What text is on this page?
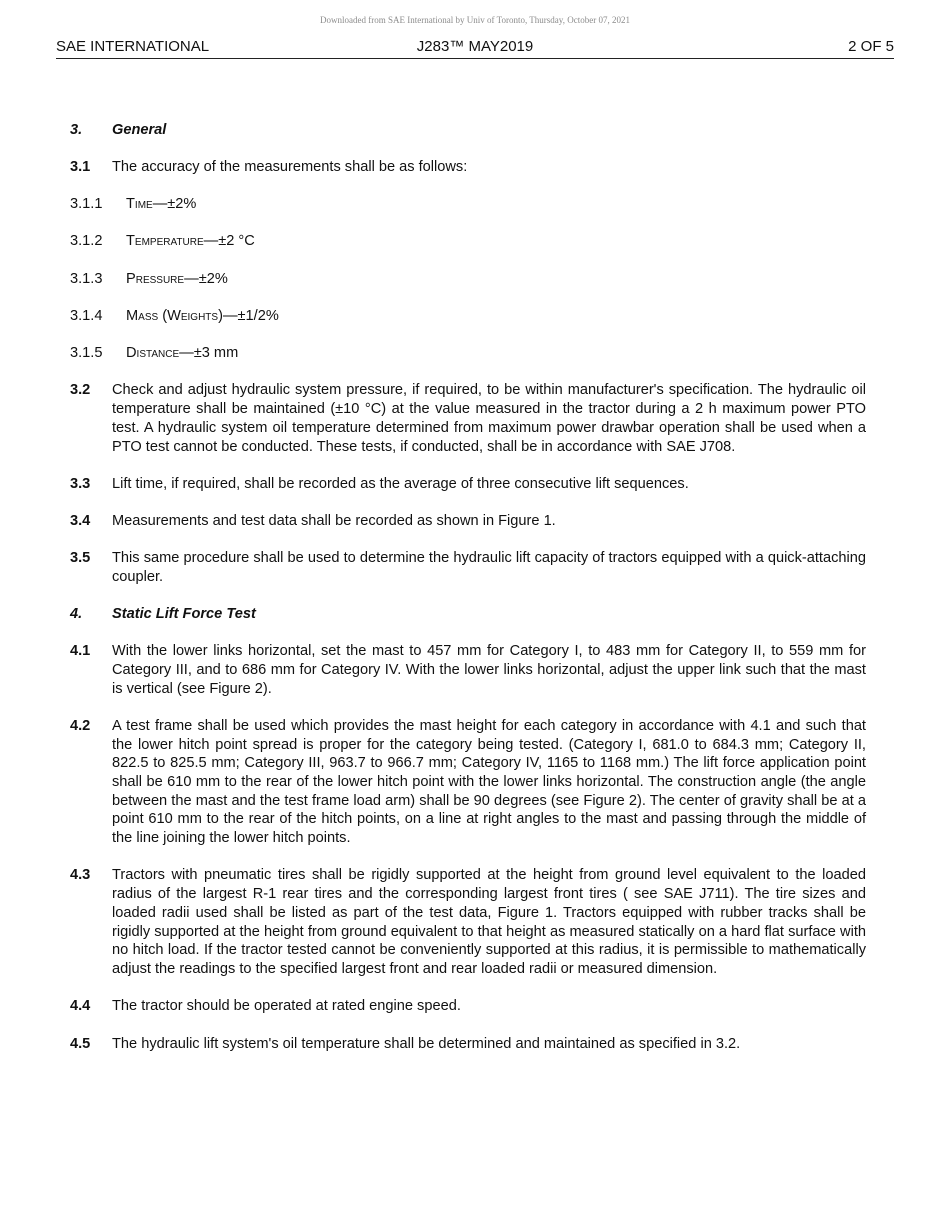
Downloaded from SAE International by Univ of Toronto, Thursday, October 07, 2021
SAE INTERNATIONAL	J283™ MAY2019	2 OF 5
3.	General
3.1	The accuracy of the measurements shall be as follows:
3.1.1	Time—±2%
3.1.2	Temperature—±2 °C
3.1.3	Pressure—±2%
3.1.4	Mass (Weights)—±1/2%
3.1.5	Distance—±3 mm
3.2	Check and adjust hydraulic system pressure, if required, to be within manufacturer's specification. The hydraulic oil temperature shall be maintained (±10 °C) at the value measured in the tractor during a 2 h maximum power PTO test. A hydraulic system oil temperature determined from maximum power drawbar operation shall be used when a PTO test cannot be conducted. These tests, if conducted, shall be in accordance with SAE J708.
3.3	Lift time, if required, shall be recorded as the average of three consecutive lift sequences.
3.4	Measurements and test data shall be recorded as shown in Figure 1.
3.5	This same procedure shall be used to determine the hydraulic lift capacity of tractors equipped with a quick-attaching coupler.
4.	Static Lift Force Test
4.1	With the lower links horizontal, set the mast to 457 mm for Category I, to 483 mm for Category II, to 559 mm for Category III, and to 686 mm for Category IV. With the lower links horizontal, adjust the upper link such that the mast is vertical (see Figure 2).
4.2	A test frame shall be used which provides the mast height for each category in accordance with 4.1 and such that the lower hitch point spread is proper for the category being tested. (Category I, 681.0 to 684.3 mm; Category II, 822.5 to 825.5 mm; Category III, 963.7 to 966.7 mm; Category IV, 1165 to 1168 mm.) The lift force application point shall be 610 mm to the rear of the lower hitch point with the lower links horizontal. The construction angle (the angle between the mast and the test frame load arm) shall be 90 degrees (see Figure 2). The center of gravity shall be at a point 610 mm to the rear of the hitch points, on a line at right angles to the mast and passing through the middle of the line joining the lower hitch points.
4.3	Tractors with pneumatic tires shall be rigidly supported at the height from ground level equivalent to the loaded radius of the largest R-1 rear tires and the corresponding largest front tires ( see SAE J711). The tire sizes and loaded radii used shall be listed as part of the test data, Figure 1. Tractors equipped with rubber tracks shall be rigidly supported at the height from ground equivalent to that height as measured statically on a hard flat surface with no hitch load. If the tractor tested cannot be conveniently supported at this radius, it is permissible to mathematically adjust the readings to the specified largest front and rear loaded radii or measured dimension.
4.4	The tractor should be operated at rated engine speed.
4.5	The hydraulic lift system's oil temperature shall be determined and maintained as specified in 3.2.
